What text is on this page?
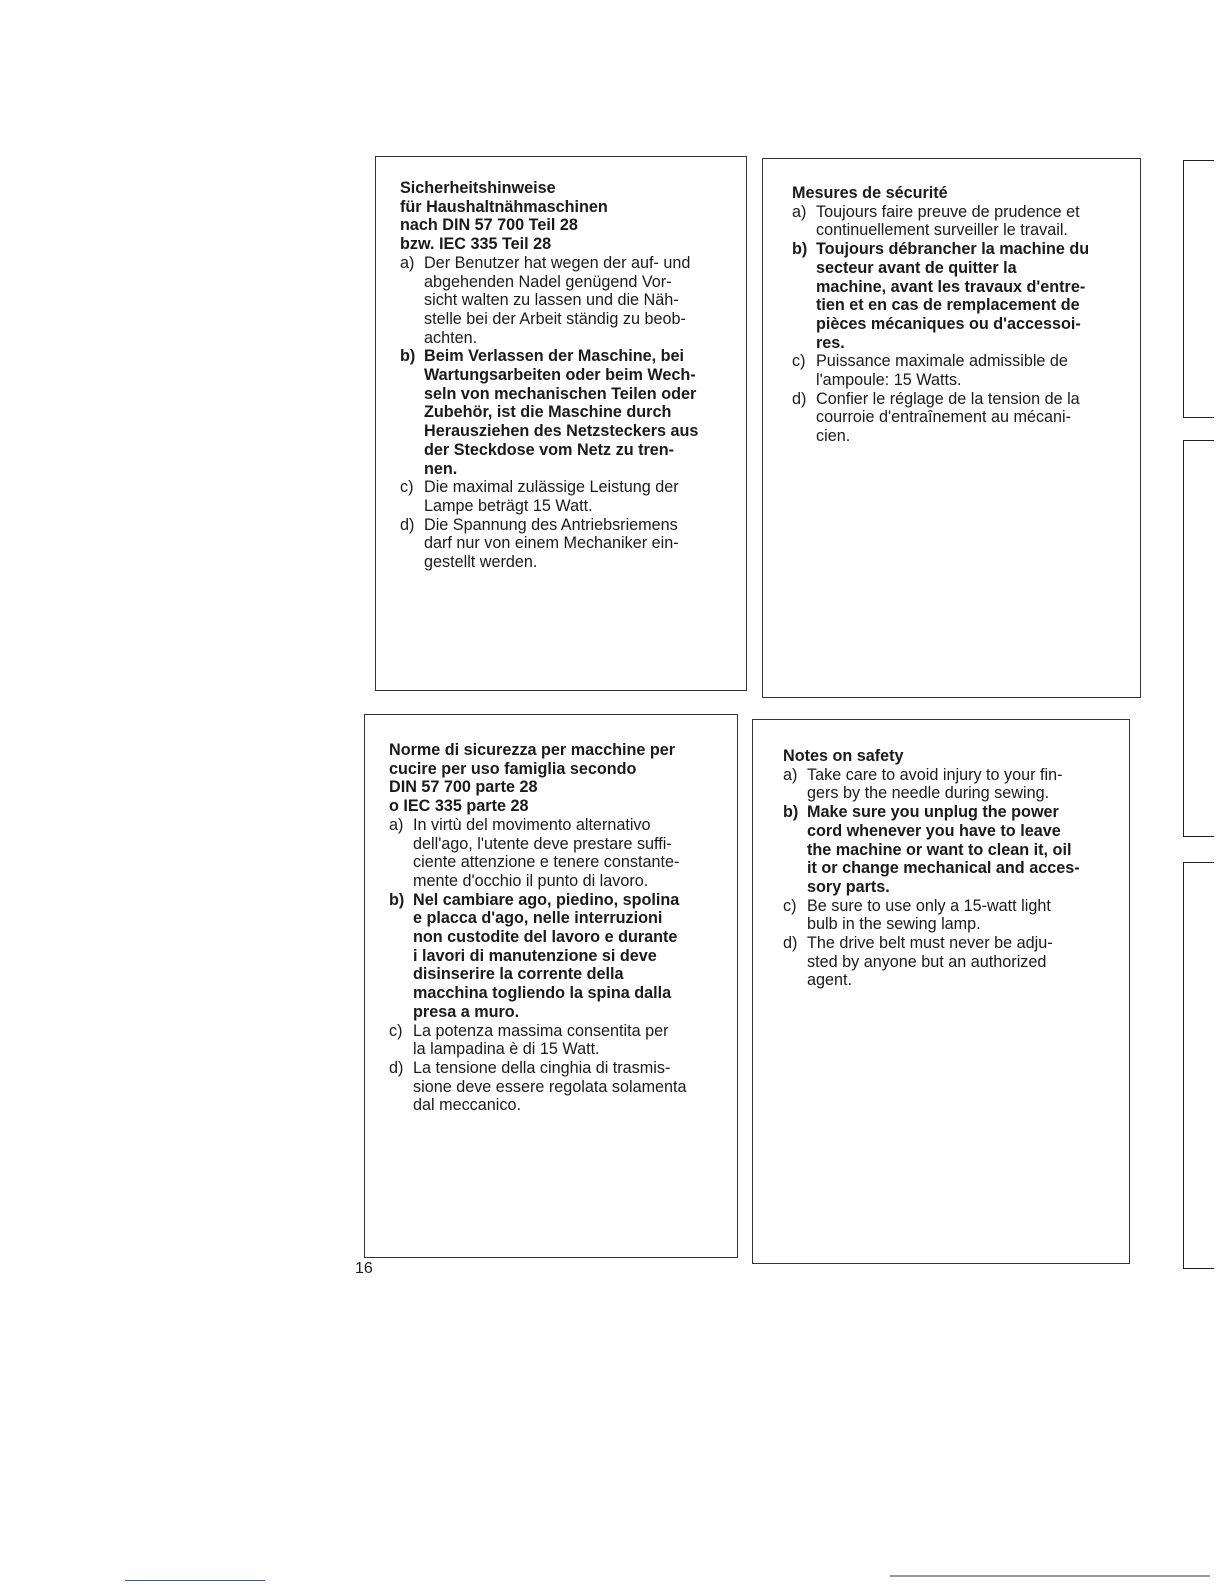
Sicherheitshinweise
für Haushaltnähmaschinen
nach DIN 57 700 Teil 28
bzw. IEC 335 Teil 28
a) Der Benutzer hat wegen der auf- und
abgehenden Nadel genügend Vor-
sicht walten zu lassen und die Näh-
stelle bei der Arbeit ständig zu beob-
achten.
b) Beim Verlassen der Maschine, bei
Wartungsarbeiten oder beim Wech-
seln von mechanischen Teilen oder
Zubehör, ist die Maschine durch
Herausziehen des Netzsteckers aus
der Steckdose vom Netz zu tren-
nen.
c) Die maximal zulässige Leistung der
Lampe beträgt 15 Watt.
d) Die Spannung des Antriebsriemens
darf nur von einem Mechaniker ein-
gestellt werden.
Mesures de sécurité
a) Toujours faire preuve de prudence et
continuellement surveiller le travail.
b) Toujours débrancher la machine du
secteur avant de quitter la
machine, avant les travaux d'entre-
tien et en cas de remplacement de
pièces mécaniques ou d'accessoi-
res.
c) Puissance maximale admissible de
l'ampoule: 15 Watts.
d) Confier le réglage de la tension de la
courroie d'entraînement au mécani-
cien.
Norme di sicurezza per macchine per
cucire per uso famiglia secondo
DIN 57 700 parte 28
o IEC 335 parte 28
a) In virtù del movimento alternativo
dell'ago, l'utente deve prestare suffi-
ciente attenzione e tenere constante-
mente d'occhio il punto di lavoro.
b) Nel cambiare ago, piedino, spolina
e placca d'ago, nelle interruzioni
non custodite del lavoro e durante
i lavori di manutenzione si deve
disinserire la corrente della
macchina togliendo la spina dalla
presa a muro.
c) La potenza massima consentita per
la lampadina è di 15 Watt.
d) La tensione della cinghia di trasmis-
sione deve essere regolata solamenta
dal meccanico.
Notes on safety
a) Take care to avoid injury to your fin-
gers by the needle during sewing.
b) Make sure you unplug the power
cord whenever you have to leave
the machine or want to clean it, oil
it or change mechanical and acces-
sory parts.
c) Be sure to use only a 15-watt light
bulb in the sewing lamp.
d) The drive belt must never be adju-
sted by anyone but an authorized
agent.
16
